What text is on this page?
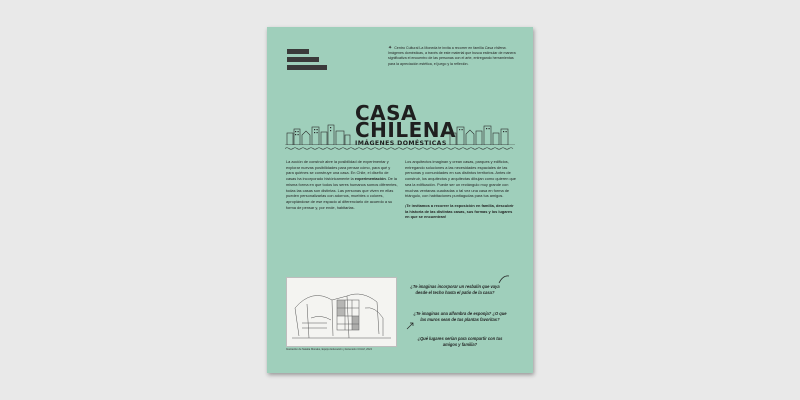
✦ Centro Cultural La Moneda te invita a recorrer en familia Casa chilena. Imágenes domésticas, a través de este material que busca estimular de manera significativa el encuentro de las personas con el arte, entregando herramientas para la apreciación estética, el juego y la reflexión.
CASA
CHILENA
IMÁGENES DOMÉSTICAS

La acción de construir abre la posibilidad de experimentar y explorar nuevas posibilidades para pensar cómo, para qué y para quiénes se construye una casa. En Chile, el diseño de casas ha incorporado históricamente la experimentación. De la misma forma en que todos los seres humanos somos diferentes, todas las casas son distintas. Las personas que viven en ellas pueden personalizarlas con adornos, muebles o colores, apropiándose de ese espacio al diferenciarlo de acuerdo a su forma de pensar y, por ende, habitarlas.

Los arquitectos imaginan y crean casas, parques y edificios, entregando soluciones a las necesidades espaciales de las personas y comunidades en sus distintos territorios. Antes de construir, los arquitectos y arquitectas dibujan como quieren que sea la edificación. Puede ser un rectángulo muy grande con muchas ventanas cuadradas o tal vez una casa en forma de triángulo, con habitaciones puntiagudas para tus amigos.

¡Te invitamos a recorrer la exposición en familia, descubrir la historia de las distintas casas, sus formas y los lugares en que se encuentran!

Ilustración de Natalia Morales, Equipo Educación y Extensión CCLM, 2024
¿Te imaginas incorporar un resbalín que vaya desde el techo hasta el patio de la casa?
¿Te imaginas una alfombra de esponja? ¿O que las muros sean de tus plantas favoritas?
¿Qué lugares serían para compartir con tus amigos y familia?
